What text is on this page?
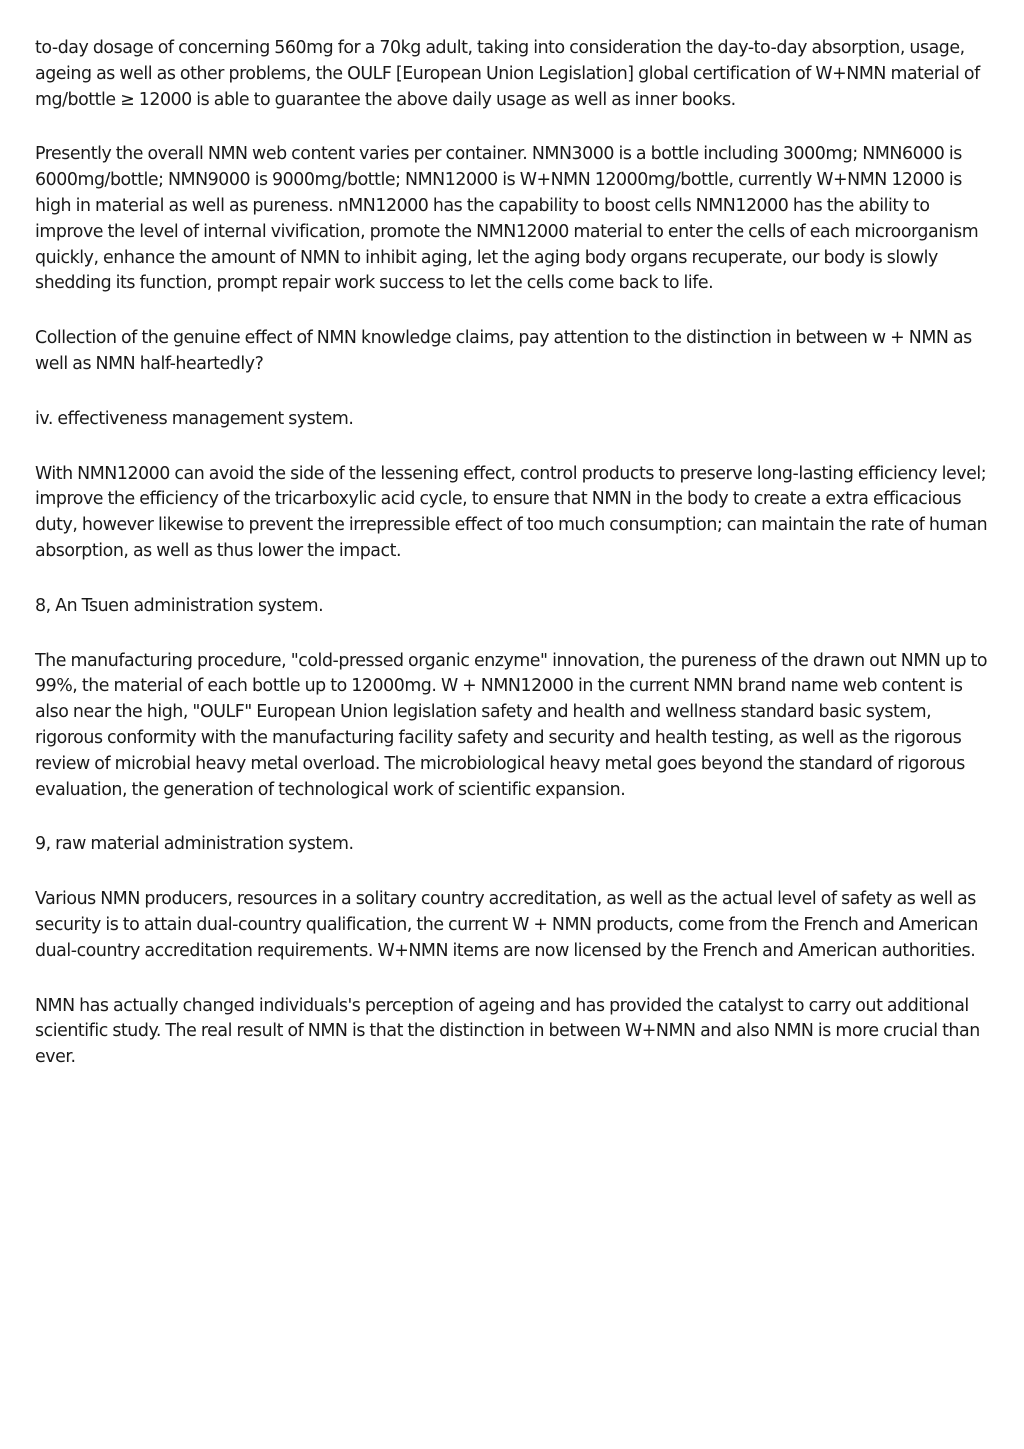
to-day dosage of concerning 560mg for a 70kg adult, taking into consideration the day-to-day absorption, usage, ageing as well as other problems, the OULF [European Union Legislation] global certification of W+NMN material of mg/bottle ≥ 12000 is able to guarantee the above daily usage as well as inner books.

Presently the overall NMN web content varies per container. NMN3000 is a bottle including 3000mg; NMN6000 is 6000mg/bottle; NMN9000 is 9000mg/bottle; NMN12000 is W+NMN 12000mg/bottle, currently W+NMN 12000 is high in material as well as pureness. nMN12000 has the capability to boost cells NMN12000 has the ability to improve the level of internal vivification, promote the NMN12000 material to enter the cells of each microorganism quickly, enhance the amount of NMN to inhibit aging, let the aging body organs recuperate, our body is slowly shedding its function, prompt repair work success to let the cells come back to life.

Collection of the genuine effect of NMN knowledge claims, pay attention to the distinction in between w + NMN as well as NMN half-heartedly?

iv. effectiveness management system.

With NMN12000 can avoid the side of the lessening effect, control products to preserve long-lasting efficiency level; improve the efficiency of the tricarboxylic acid cycle, to ensure that NMN in the body to create a extra efficacious duty, however likewise to prevent the irrepressible effect of too much consumption; can maintain the rate of human absorption, as well as thus lower the impact.

8, An Tsuen administration system.

The manufacturing procedure, "cold-pressed organic enzyme" innovation, the pureness of the drawn out NMN up to 99%, the material of each bottle up to 12000mg. W + NMN12000 in the current NMN brand name web content is also near the high, "OULF" European Union legislation safety and health and wellness standard basic system, rigorous conformity with the manufacturing facility safety and security and health testing, as well as the rigorous review of microbial heavy metal overload. The microbiological heavy metal goes beyond the standard of rigorous evaluation, the generation of technological work of scientific expansion.

9, raw material administration system.

Various NMN producers, resources in a solitary country accreditation, as well as the actual level of safety as well as security is to attain dual-country qualification, the current W + NMN products, come from the French and American dual-country accreditation requirements. W+NMN items are now licensed by the French and American authorities.

NMN has actually changed individuals's perception of ageing and has provided the catalyst to carry out additional scientific study. The real result of NMN is that the distinction in between W+NMN and also NMN is more crucial than ever.
